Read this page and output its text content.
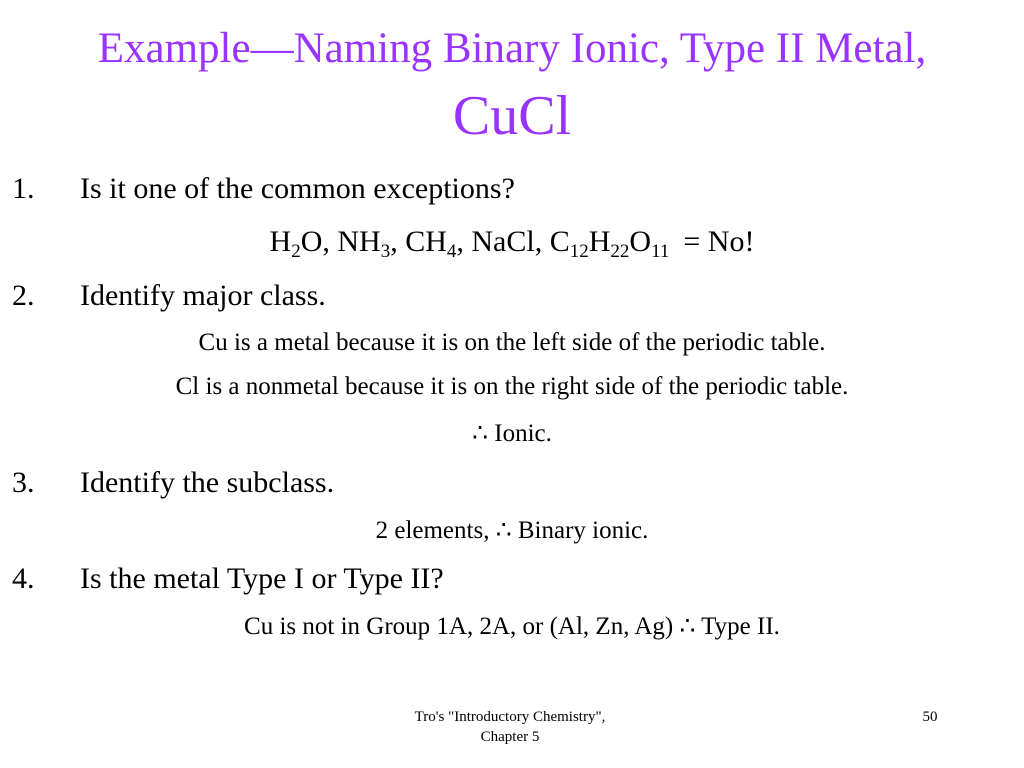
Example—Naming Binary Ionic, Type II Metal,
CuCl
1. Is it one of the common exceptions?
$H_2O$, $NH_3$, $CH_4$, NaCl, $C_{12}H_{22}O_{11} = No$!
2. Identify major class.
Cu is a metal because it is on the left side of the periodic table.
Cl is a nonmetal because it is on the right side of the periodic table.
∴ Ionic.
3. Identify the subclass.
2 elements, ∴ Binary ionic.
4. Is the metal Type I or Type II?
Cu is not in Group 1A, 2A, or (Al, Zn, Ag) ∴ Type II.
Tro's "Introductory Chemistry",
Chapter 5
50
